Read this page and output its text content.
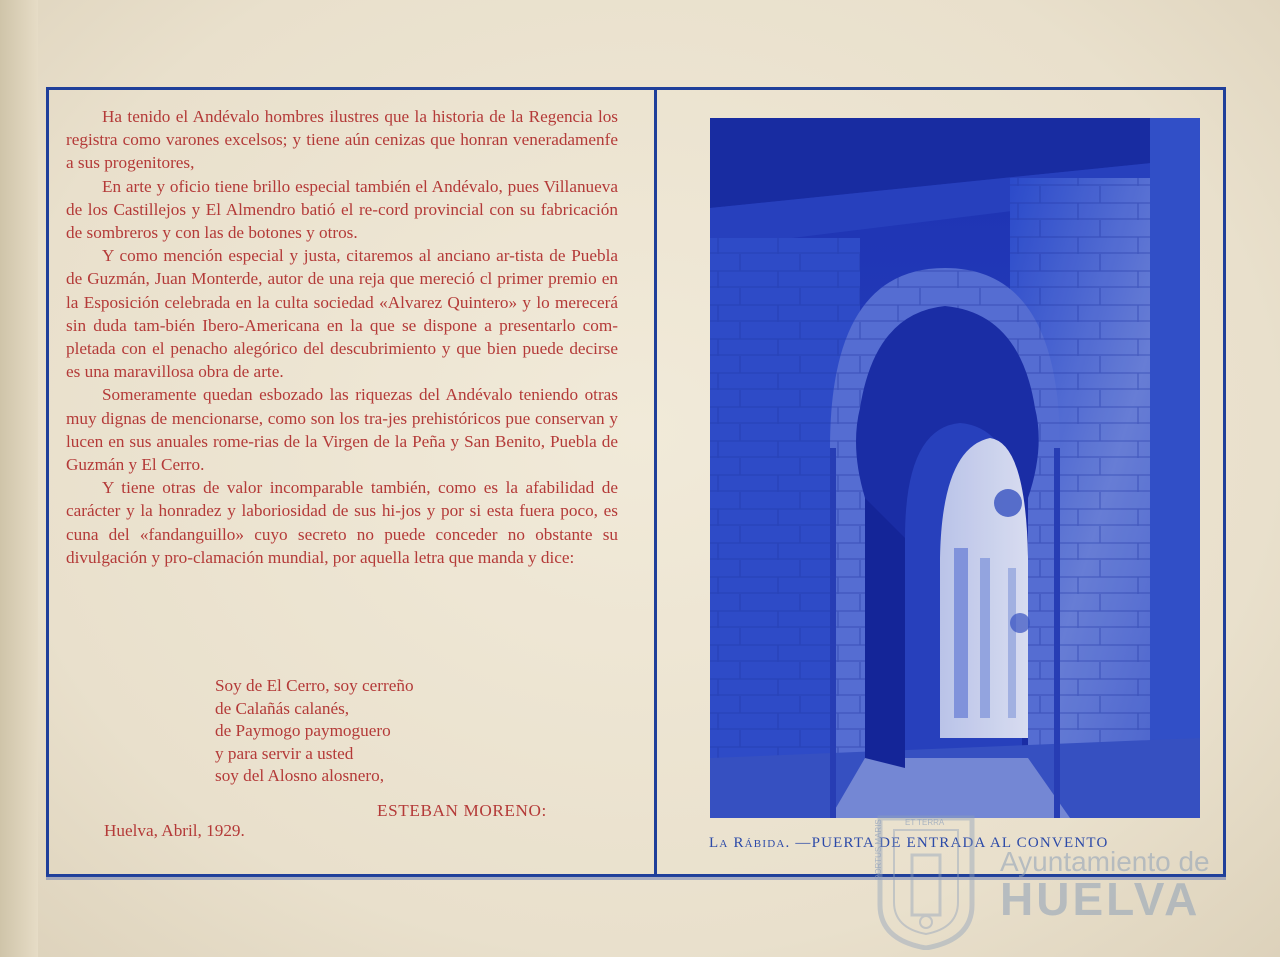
Ha tenido el Andévalo hombres ilustres que la historia de la Regencia los registra como varones excelsos; y tiene aún cenizas que honran veneradamenfe a sus progenitores,

En arte y oficio tiene brillo especial también el Andévalo, pues Villanueva de los Castillejos y El Almendro batió el re-cord provincial con su fabricación de sombreros y con las de botones y otros.

Y como mención especial y justa, citaremos al anciano ar-tista de Puebla de Guzmán, Juan Monterde, autor de una reja que mereció cl primer premio en la Esposición celebrada en la culta sociedad «Alvarez Quintero» y lo merecerá sin duda tam-bién Ibero-Americana en la que se dispone a presentarlo com-pletada con el penacho alegórico del descubrimiento y que bien puede decirse es una maravillosa obra de arte.

Someramente quedan esbozado las riquezas del Andévalo teniendo otras muy dignas de mencionarse, como son los tra-jes prehistóricos pue conservan y lucen en sus anuales rome-rias de la Virgen de la Peña y San Benito, Puebla de Guzmán y El Cerro.

Y tiene otras de valor incomparable también, como es la afabilidad de carácter y la honradez y laboriosidad de sus hi-jos y por si esta fuera poco, es cuna del «fandanguillo» cuyo secreto no puede conceder no obstante su divulgación y pro-clamación mundial, por aquella letra que manda y dice:

Soy de El Cerro, soy cerreño
de Calañás calanés,
de Paymogo paymoguero
y para servir a usted
soy del Alosno alosnero,
ESTEBAN MORENO:
Huelva, Abril, 1929.
La Rábida. —PUERTA DE ENTRADA AL CONVENTO
ET TERRA
PORTUS MARIS	Ayuntamiento de
HUELVA
